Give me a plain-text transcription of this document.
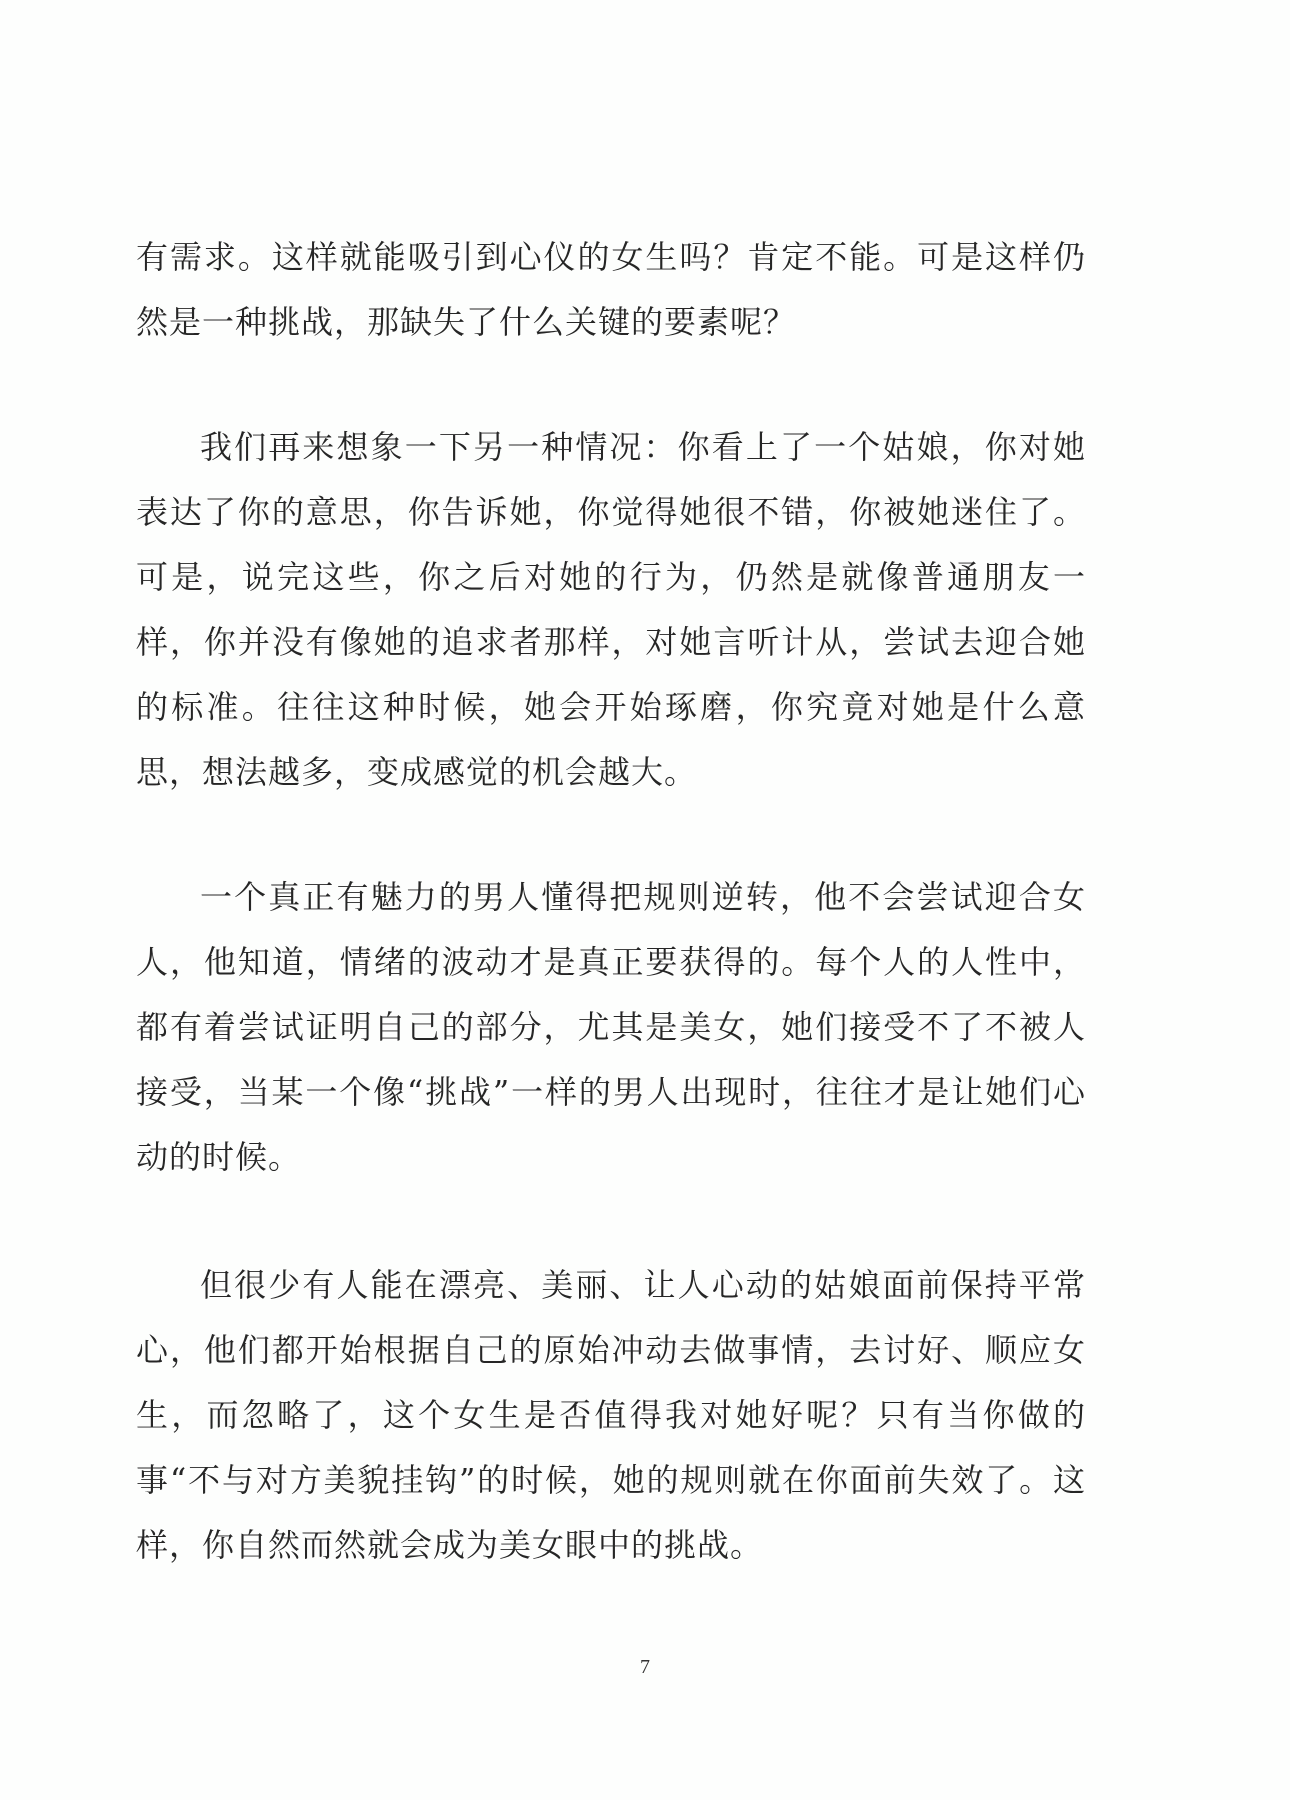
有需求。这样就能吸引到心仪的女生吗？肯定不能。可是这样仍然是一种挑战，那缺失了什么关键的要素呢？

我们再来想象一下另一种情况：你看上了一个姑娘，你对她表达了你的意思，你告诉她，你觉得她很不错，你被她迷住了。可是，说完这些，你之后对她的行为，仍然是就像普通朋友一样，你并没有像她的追求者那样，对她言听计从，尝试去迎合她的标准。往往这种时候，她会开始琢磨，你究竟对她是什么意思，想法越多，变成感觉的机会越大。

一个真正有魅力的男人懂得把规则逆转，他不会尝试迎合女人，他知道，情绪的波动才是真正要获得的。每个人的人性中，都有着尝试证明自己的部分，尤其是美女，她们接受不了不被人接受，当某一个像“挑战”一样的男人出现时，往往才是让她们心动的时候。

但很少有人能在漂亮、美丽、让人心动的姑娘面前保持平常心，他们都开始根据自己的原始冲动去做事情，去讨好、顺应女生，而忽略了，这个女生是否值得我对她好呢？只有当你做的事“不与对方美貌挂钩”的时候，她的规则就在你面前失效了。这样，你自然而然就会成为美女眼中的挑战。

7
